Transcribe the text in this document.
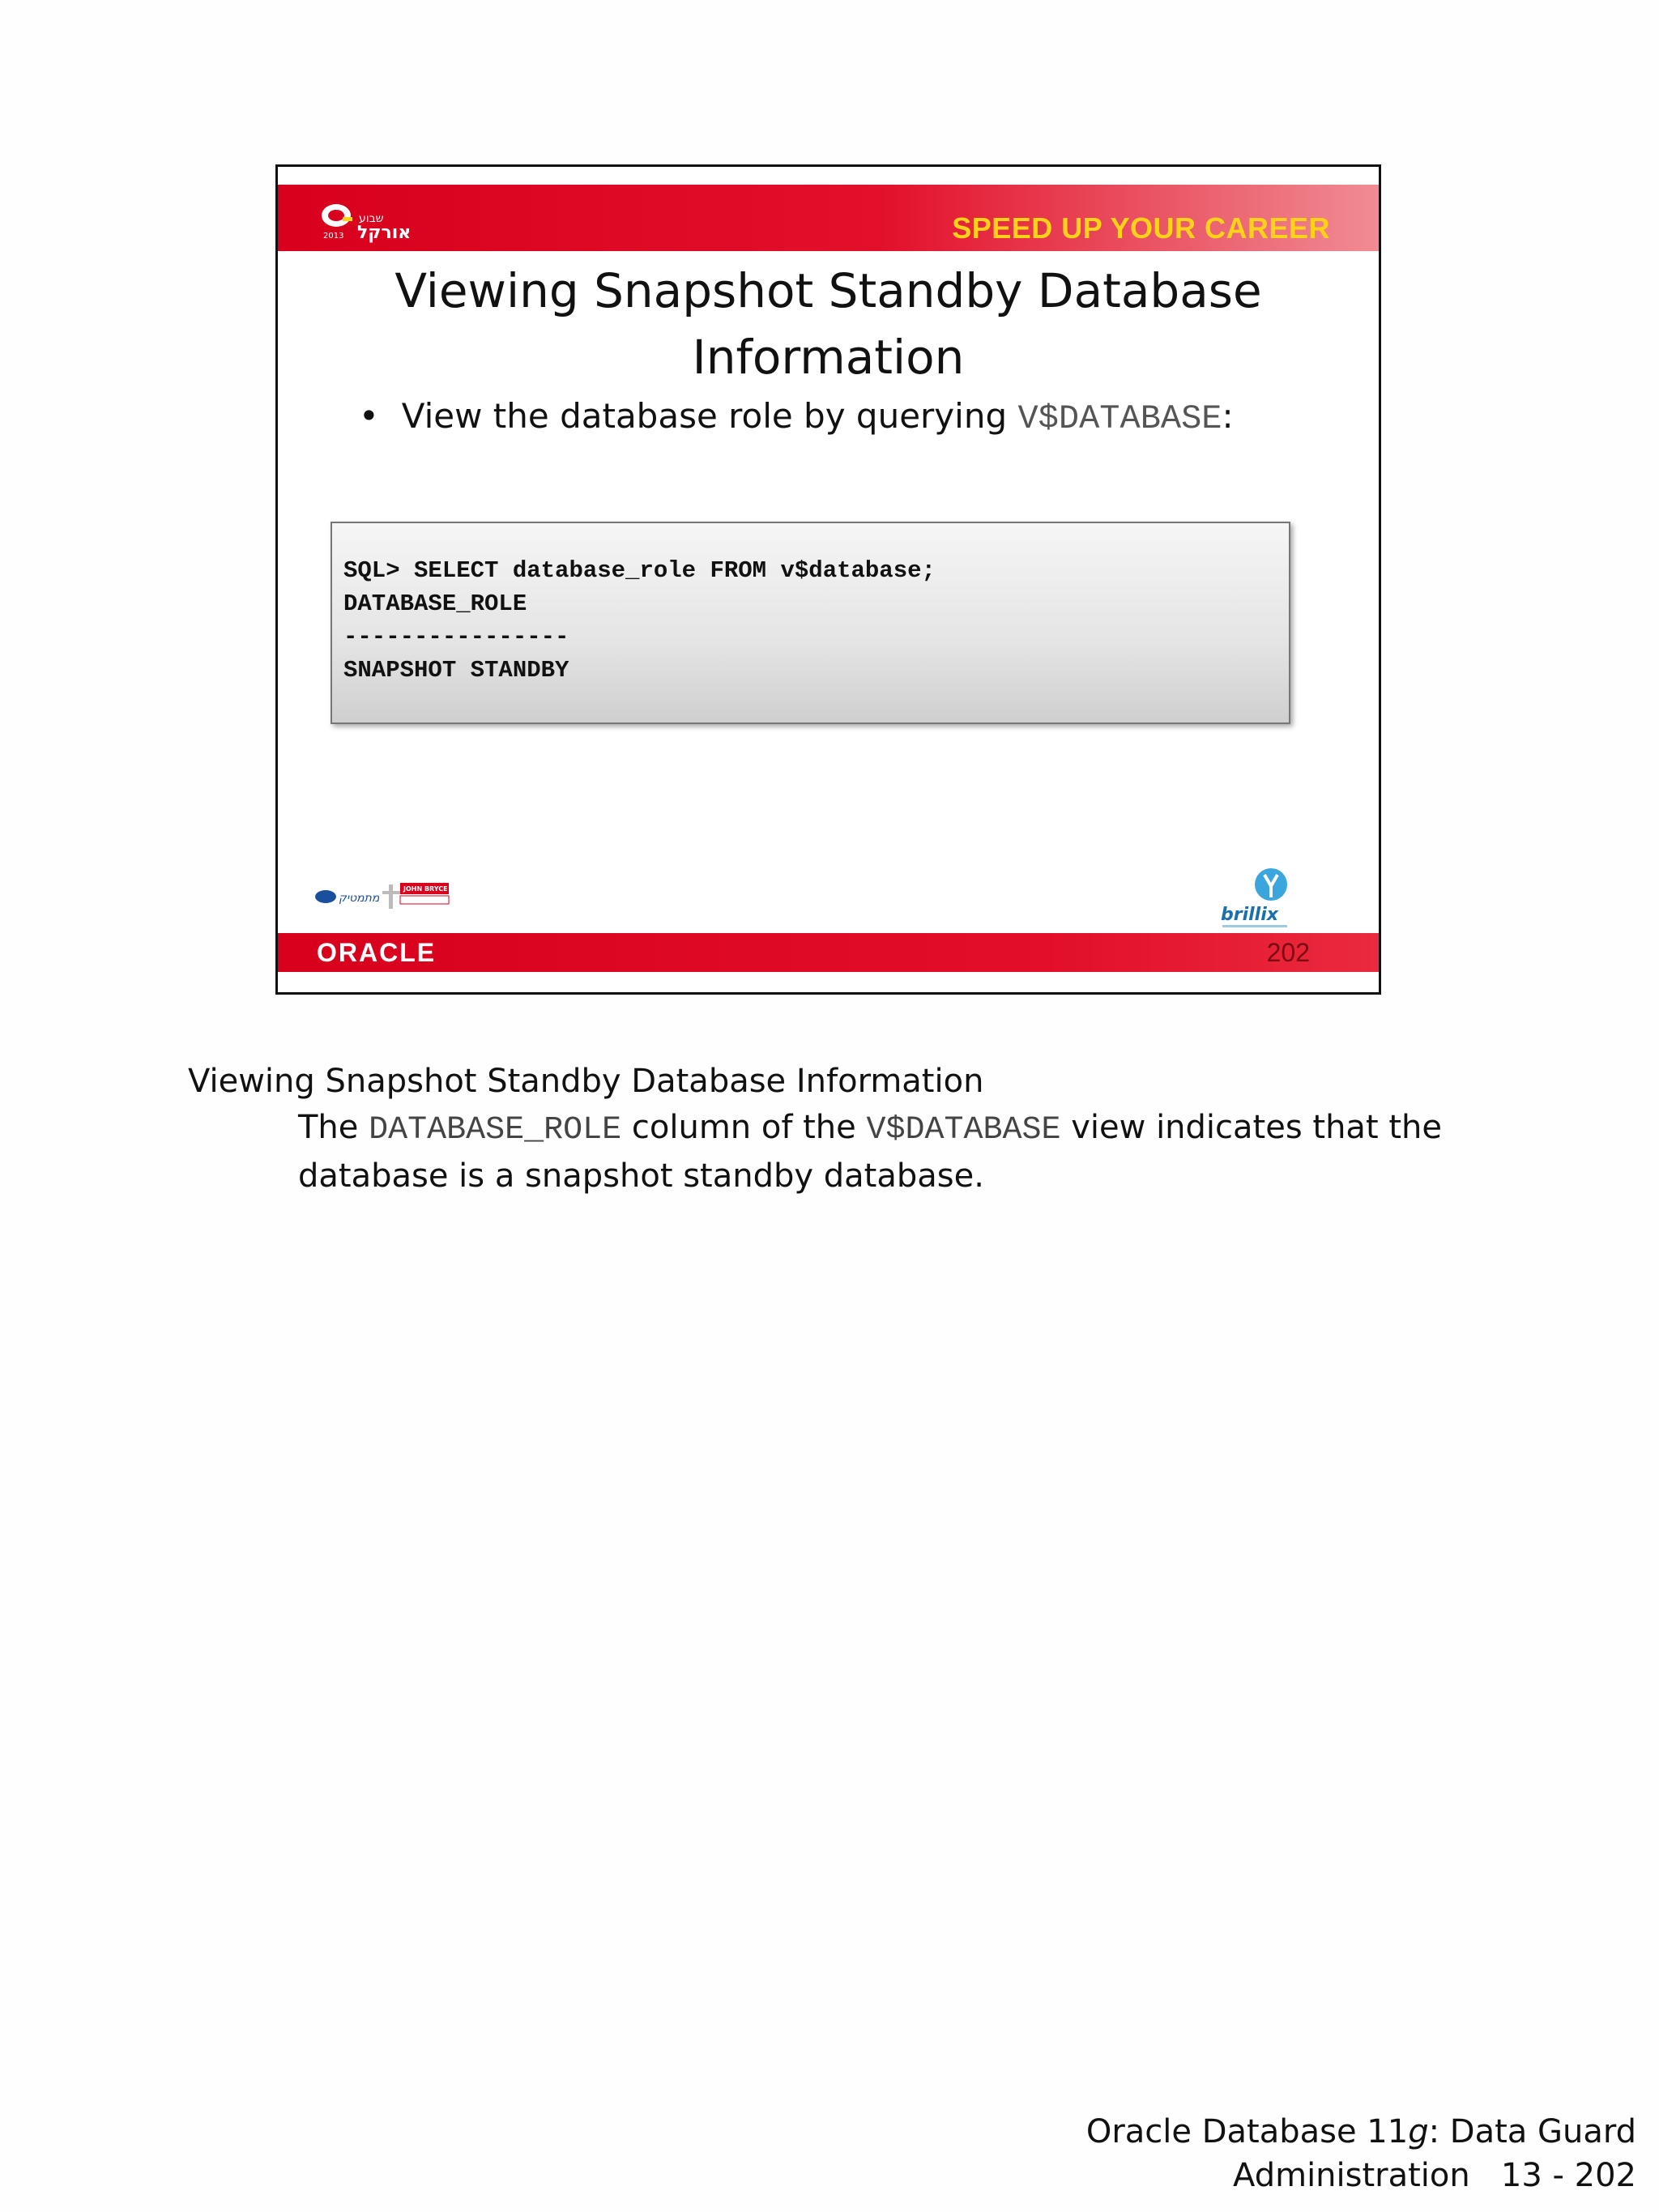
שבוע
אורקל
2013	SPEED UP YOUR CAREER
Viewing Snapshot Standby Database
Information
• View the database role by querying V$DATABASE:
SQL> SELECT database_role FROM v$database;
DATABASE_ROLE
----------------
SNAPSHOT STANDBY
מתמטיק
JOHN BRYCE
brillix
ORACLE	202
Viewing Snapshot Standby Database Information
The DATABASE_ROLE column of the V$DATABASE view indicates that the database is a snapshot standby database.
Oracle Database 11g: Data Guard
Administration   13 - 202
